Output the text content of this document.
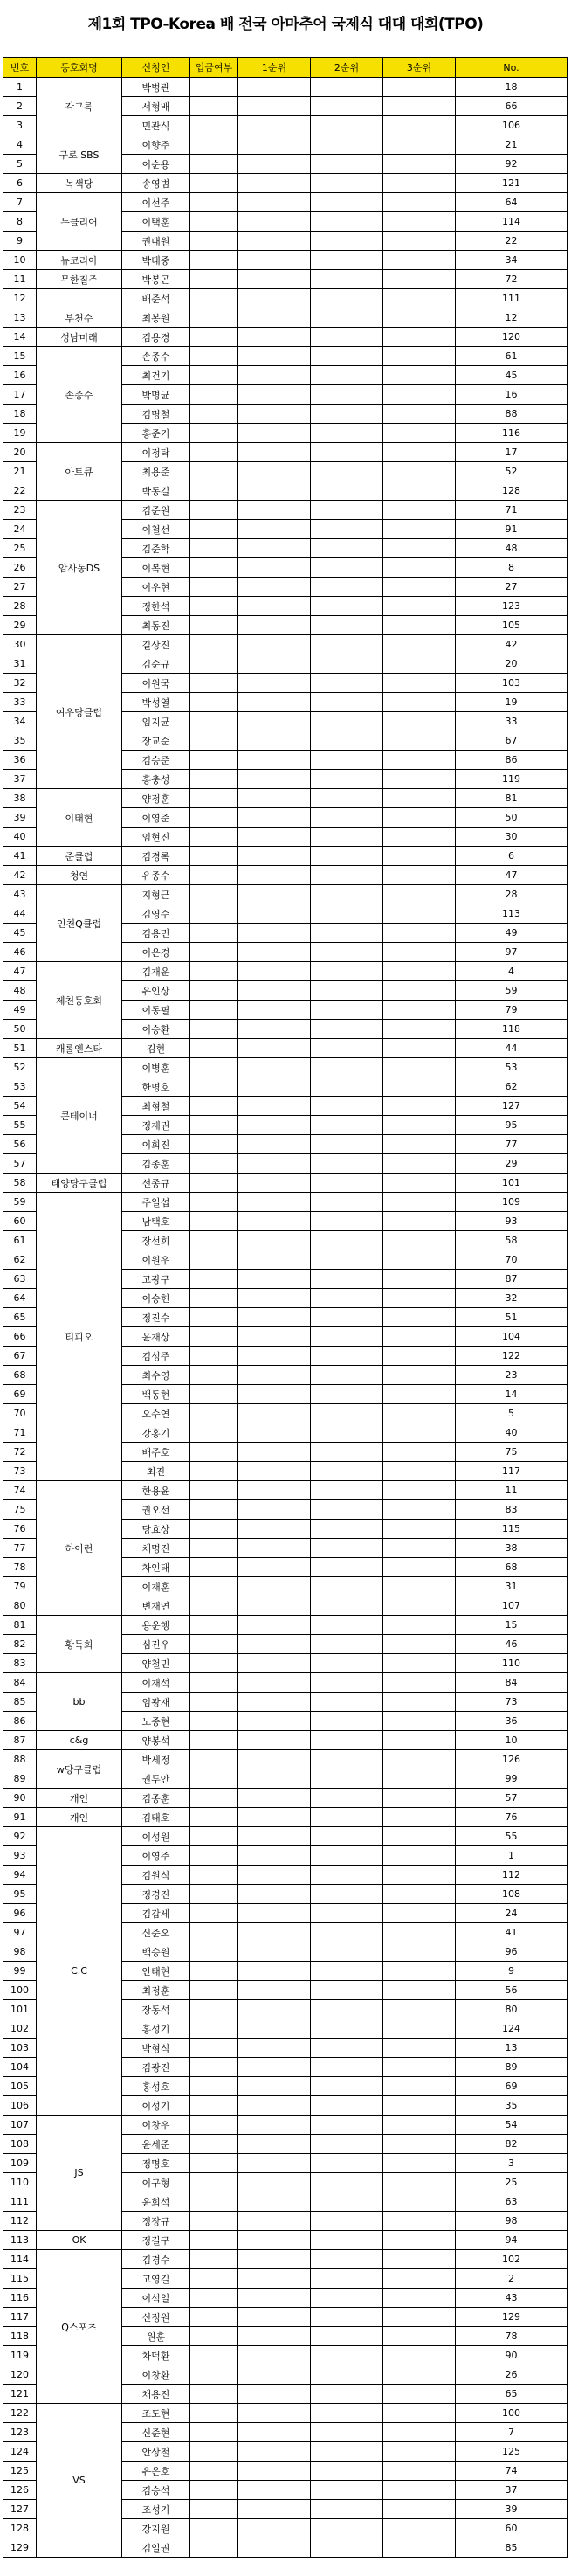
제1회 TPO-Korea 배 전국 아마추어 국제식 대대 대회(TPO)
번호	동호회명	신청인	입금여부	1순위	2순위	3순위	No.
1	각구록	박병관					18
2		서형배					66
3		민관식					106
4	구로 SBS	이향주					21
5		이순용					92
6	녹색당	송영범					121
7	누클리어	이선주					64
8		이택훈					114
9		권대원					22
10	뉴코리아	박태중					34
11	무한질주	박봉곤					72
12		배준석					111
13	부천수	최봉원					12
14	성남미래	김용경					120
15	손종수	손종수					61
16		최건기					45
17		박명균					16
18		김명철					88
19		홍준기					116
20	아트큐	이정탁					17
21		최용준					52
22		박동길					128
23	암사동DS	김준원					71
24		이철선					91
25		김준학					48
26		이복현					8
27		이우현					27
28		정한석					123
29		최동진					105
30	여우당클럽	길상진					42
31		김순규					20
32		이원국					103
33		박성열					19
34		임지균					33
35		장교순					67
36		김승준					86
37		홍충성					119
38	이태현	양정훈					81
39		이영준					50
40		임현진					30
41	준클럽	김경록					6
42	청연	유종수					47
43	인천Q클럽	지형근					28
44		김영수					113
45		김용민					49
46		이은경					97
47	제천동호회	김재운					4
48		유인상					59
49		이동필					79
50		이승환					118
51	캐롤엔스타	김현					44
52	콘테이너	이병훈					53
53		한명호					62
54		최형철					127
55		정재권					95
56		이희진					77
57		김종훈					29
58	태양당구클럽	선종규					101
59	티피오	주일섭					109
60		남택호					93
61		장선희					58
62		이원우					70
63		고광구					87
64		이승헌					32
65		정진수					51
66		윤재상					104
67		김성주					122
68		최수영					23
69		백동현					14
70		오수연					5
71		강홍기					40
72		배주호					75
73		최진					117
74	하이런	한용윤					11
75		권오선					83
76		당효상					115
77		채명진					38
78		차인태					68
79		이재훈					31
80		변재연					107
81	황득희	용운행					15
82		심진우					46
83		양철민					110
84	bb	이재석					84
85		임광재					73
86		노종현					36
87	c&g	양봉석					10
88	w당구클럽	박세정					126
89		권두안					99
90	개인	김종훈					57
91	개인	김태호					76
92	C.C	이성원					55
93		이영주					1
94		김원식					112
95		정경진					108
96		김갑세					24
97		신준오					41
98		백승원					96
99		안태현					9
100		최정훈					56
101		장동석					80
102		홍성기					124
103		박형식					13
104		김광진					89
105		홍성호					69
106		이성기					35
107	JS	이창우					54
108		윤세준					82
109		정명호					3
110		이구형					25
111		윤희석					63
112		정장규					98
113	OK	정길구					94
114	Q스포츠	김경수					102
115		고영길					2
116		이석일					43
117		신정원					129
118		원훈					78
119		차덕환					90
120		이창환					26
121		채용진					65
122	VS	조도현					100
123		신준현					7
124		안상철					125
125		유은호					74
126		김승석					37
127		조성기					39
128		강지원					60
129		김일권					85
